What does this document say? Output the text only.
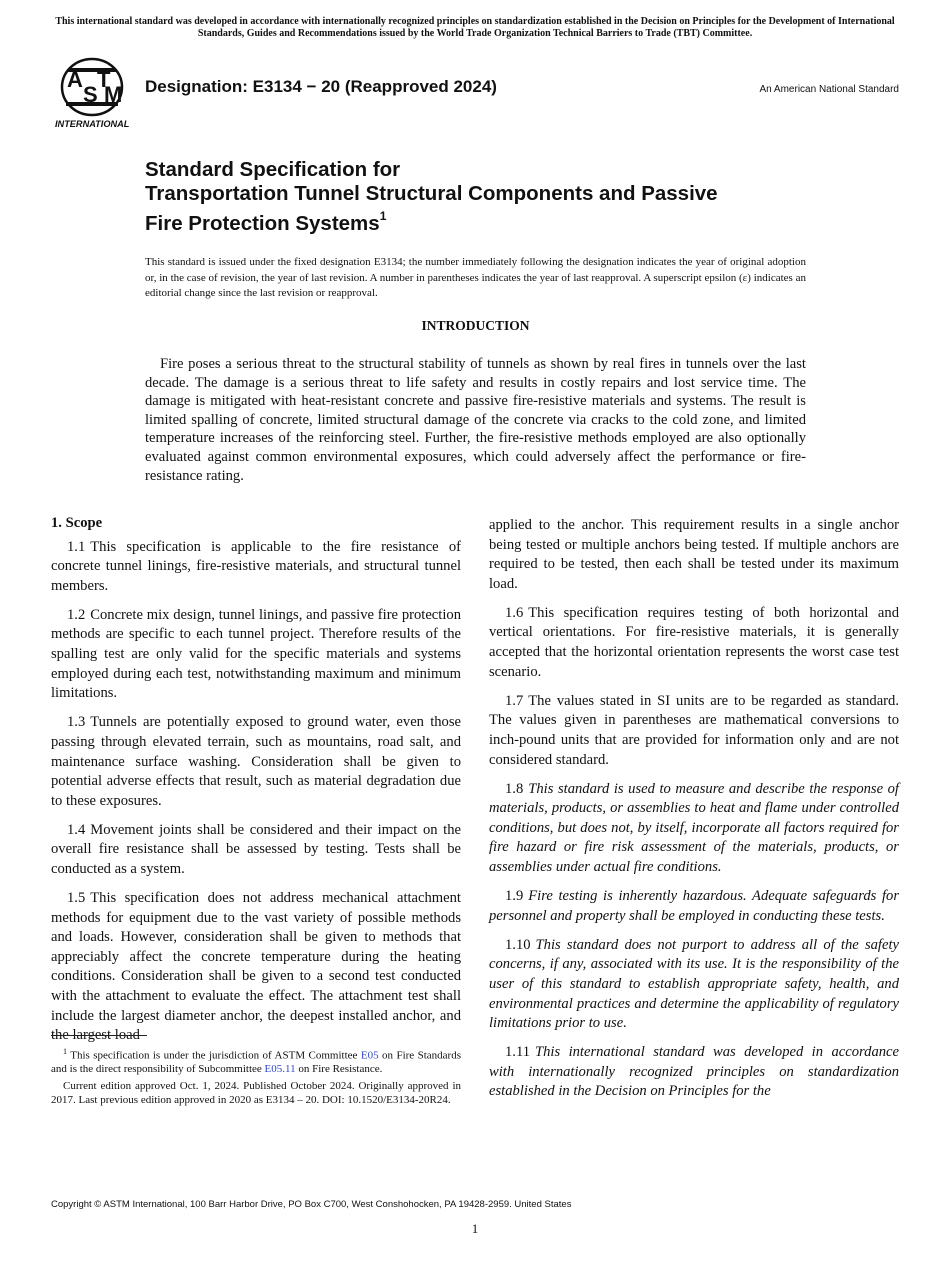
This international standard was developed in accordance with internationally recognized principles on standardization established in the Decision on Principles for the Development of International Standards, Guides and Recommendations issued by the World Trade Organization Technical Barriers to Trade (TBT) Committee.
A
S
T
M
INTERNATIONAL
Designation: E3134 − 20 (Reapproved 2024)	An American National Standard
Standard Specification for
Transportation Tunnel Structural Components and Passive
Fire Protection Systems$^1$
This standard is issued under the fixed designation E3134; the number immediately following the designation indicates the year of original adoption or, in the case of revision, the year of last revision. A number in parentheses indicates the year of last reapproval. A superscript epsilon (ε) indicates an editorial change since the last revision or reapproval.
INTRODUCTION

Fire poses a serious threat to the structural stability of tunnels as shown by real fires in tunnels over the last decade. The damage is a serious threat to life safety and results in costly repairs and lost service time. The damage is mitigated with heat-resistant concrete and passive fire-resistive materials and systems. The result is limited spalling of concrete, limited structural damage of the concrete via cracks to the cold zone, and limited temperature increases of the reinforcing steel. Further, the fire-resistive methods employed are also optionally evaluated against common environmental exposures, which could adversely affect the performance or fire-resistance rating.

1. Scope

1.1 This specification is applicable to the fire resistance of concrete tunnel linings, fire-resistive materials, and structural tunnel members.

1.2 Concrete mix design, tunnel linings, and passive fire protection methods are specific to each tunnel project. Therefore results of the spalling test are only valid for the specific materials and systems employed during each test, notwithstanding maximum and minimum limitations.

1.3 Tunnels are potentially exposed to ground water, even those passing through elevated terrain, such as mountains, road salt, and maintenance surface washing. Consideration shall be given to potential adverse effects that result, such as material degradation due to these exposures.

1.4 Movement joints shall be considered and their impact on the overall fire resistance shall be assessed by testing. Tests shall be conducted as a system.

1.5 This specification does not address mechanical attachment methods for equipment due to the vast variety of possible methods and loads. However, consideration shall be given to methods that appreciably affect the concrete temperature during the heating conditions. Consideration shall be given to a second test conducted with the attachment to evaluate the effect. The attachment test shall include the largest diameter anchor, the deepest installed anchor, and the largest load

applied to the anchor. This requirement results in a single anchor being tested or multiple anchors being tested. If multiple anchors are required to be tested, then each shall be tested under its maximum load.

1.6 This specification requires testing of both horizontal and vertical orientations. For fire-resistive materials, it is generally accepted that the horizontal orientation represents the worst case test scenario.

1.7 The values stated in SI units are to be regarded as standard. The values given in parentheses are mathematical conversions to inch-pound units that are provided for information only and are not considered standard.

1.8 This standard is used to measure and describe the response of materials, products, or assemblies to heat and flame under controlled conditions, but does not, by itself, incorporate all factors required for fire hazard or fire risk assessment of the materials, products, or assemblies under actual fire conditions.

1.9 Fire testing is inherently hazardous. Adequate safeguards for personnel and property shall be employed in conducting these tests.

1.10 This standard does not purport to address all of the safety concerns, if any, associated with its use. It is the responsibility of the user of this standard to establish appropriate safety, health, and environmental practices and determine the applicability of regulatory limitations prior to use.

1.11 This international standard was developed in accordance with internationally recognized principles on standardization established in the Decision on Principles for the

$^1$ This specification is under the jurisdiction of ASTM Committee E05 on Fire Standards and is the direct responsibility of Subcommittee E05.11 on Fire Resistance.

Current edition approved Oct. 1, 2024. Published October 2024. Originally approved in 2017. Last previous edition approved in 2020 as E3134 – 20. DOI: 10.1520/E3134-20R24.

Copyright © ASTM International, 100 Barr Harbor Drive, PO Box C700, West Conshohocken, PA 19428-2959. United States
1
